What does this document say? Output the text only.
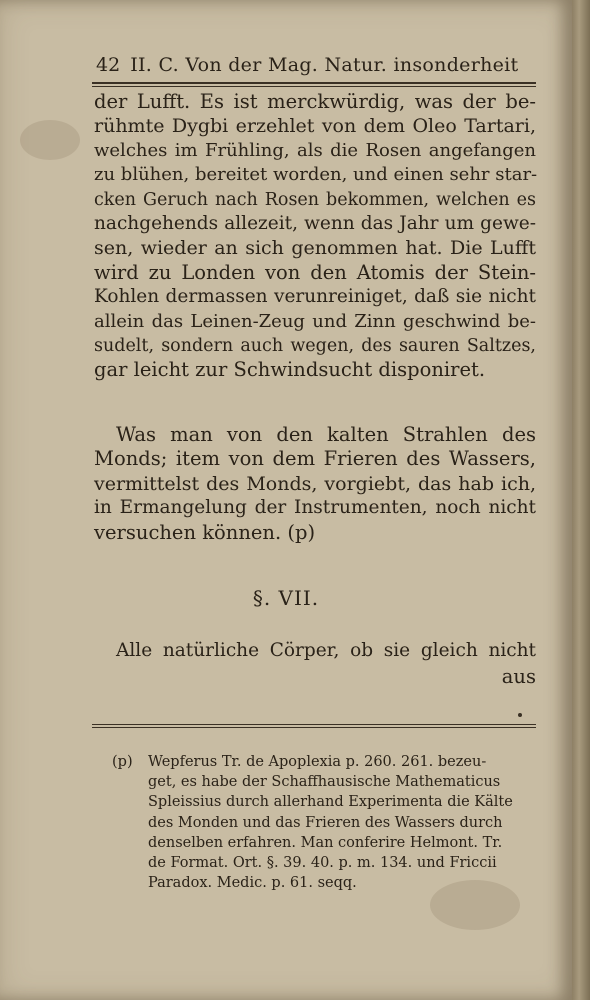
42 II. C. Von der Mag. Natur. insonderheit
der Lufft. Es ist merckwürdig, was der be-
rühmte Dygbi erzehlet von dem Oleo Tartari,
welches im Frühling, als die Rosen angefangen
zu blühen, bereitet worden, und einen sehr star-
cken Geruch nach Rosen bekommen, welchen es
nachgehends allezeit, wenn das Jahr um gewe-
sen, wieder an sich genommen hat. Die Lufft
wird zu Londen von den Atomis der Stein-
Kohlen dermassen verunreiniget, daß sie nicht
allein das Leinen-Zeug und Zinn geschwind be-
sudelt, sondern auch wegen, des sauren Saltzes,
gar leicht zur Schwindsucht disponiret.
Was man von den kalten Strahlen des
Monds; item von dem Frieren des Wassers,
vermittelst des Monds, vorgiebt, das hab ich,
in Ermangelung der Instrumenten, noch nicht
versuchen können. (p)
§. VII.
Alle natürliche Cörper, ob sie gleich nicht
aus
(p) Wepferus Tr. de Apoplexia p. 260. 261. bezeu-
get, es habe der Schaffhausische Mathematicus
Spleissius durch allerhand Experimenta die Kälte
des Monden und das Frieren des Wassers durch
denselben erfahren. Man conferire Helmont. Tr.
de Format. Ort. §. 39. 40. p. m. 134. und Friccii
Paradox. Medic. p. 61. seqq.
